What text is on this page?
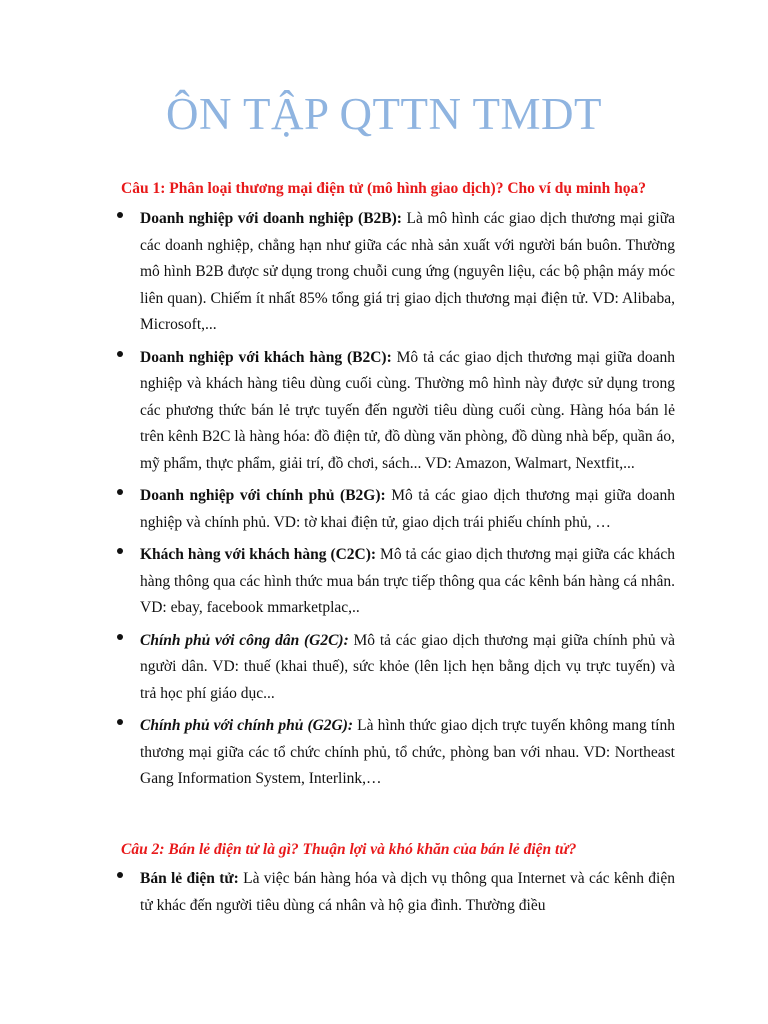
ÔN TẬP QTTN TMDT
Câu 1: Phân loại thương mại điện tử (mô hình giao dịch)? Cho ví dụ minh họa?
Doanh nghiệp với doanh nghiệp (B2B): Là mô hình các giao dịch thương mại giữa các doanh nghiệp, chẳng hạn như giữa các nhà sản xuất với người bán buôn. Thường mô hình B2B được sử dụng trong chuỗi cung ứng (nguyên liệu, các bộ phận máy móc liên quan). Chiếm ít nhất 85% tổng giá trị giao dịch thương mại điện tử. VD: Alibaba, Microsoft,...
Doanh nghiệp với khách hàng (B2C): Mô tả các giao dịch thương mại giữa doanh nghiệp và khách hàng tiêu dùng cuối cùng. Thường mô hình này được sử dụng trong các phương thức bán lẻ trực tuyến đến người tiêu dùng cuối cùng. Hàng hóa bán lẻ trên kênh B2C là hàng hóa: đồ điện tử, đồ dùng văn phòng, đồ dùng nhà bếp, quần áo, mỹ phẩm, thực phẩm, giải trí, đồ chơi, sách... VD: Amazon, Walmart, Nextfit,...
Doanh nghiệp với chính phủ (B2G): Mô tả các giao dịch thương mại giữa doanh nghiệp và chính phủ. VD: tờ khai điện tử, giao dịch trái phiếu chính phủ, …
Khách hàng với khách hàng (C2C): Mô tả các giao dịch thương mại giữa các khách hàng thông qua các hình thức mua bán trực tiếp thông qua các kênh bán hàng cá nhân. VD: ebay, facebook mmarketplac,..
Chính phủ với công dân (G2C): Mô tả các giao dịch thương mại giữa chính phủ và người dân. VD: thuế (khai thuế), sức khỏe (lên lịch hẹn bằng dịch vụ trực tuyến) và trả học phí giáo dục...
Chính phủ với chính phủ (G2G): Là hình thức giao dịch trực tuyến không mang tính thương mại giữa các tổ chức chính phủ, tổ chức, phòng ban với nhau. VD: Northeast Gang Information System, Interlink,…
Câu 2: Bán lẻ điện tử là gì? Thuận lợi và khó khăn của bán lẻ điện tử?
Bán lẻ điện tử: Là việc bán hàng hóa và dịch vụ thông qua Internet và các kênh điện tử khác đến người tiêu dùng cá nhân và hộ gia đình. Thường điều
